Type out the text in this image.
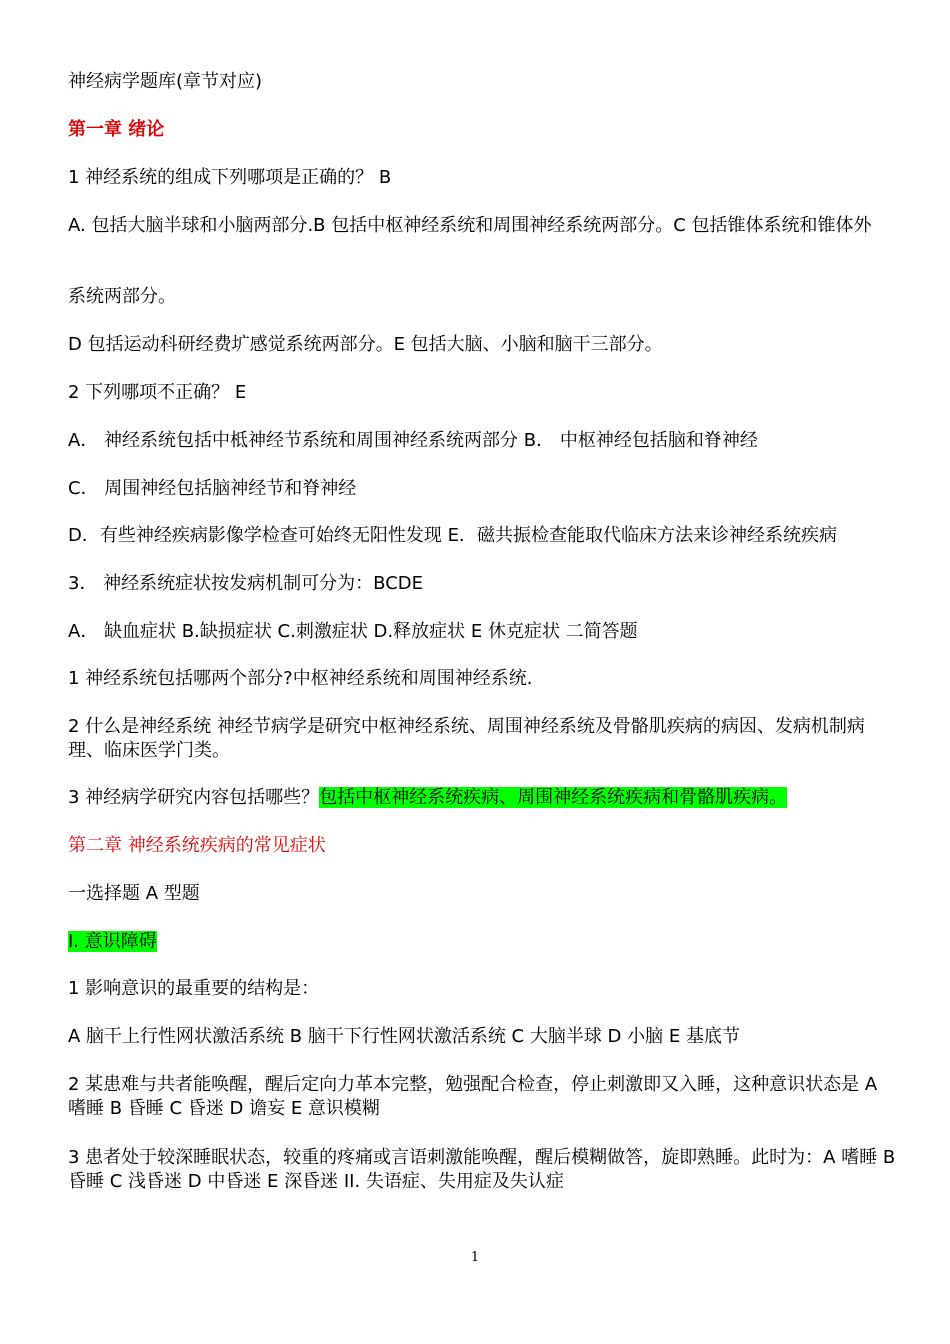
神经病学题库(章节对应)
第一章 绪论
1 神经系统的组成下列哪项是正确的？ B
A. 包括大脑半球和小脑两部分.B 包括中枢神经系统和周围神经系统两部分。C 包括锥体系统和锥体外
系统两部分。
D 包括运动科研经费圹感觉系统两部分。E 包括大脑、小脑和脑干三部分。
2 下列哪项不正确？ E
A． 神经系统包括中柢神经节系统和周围神经系统两部分 B． 中枢神经包括脑和脊神经
C． 周围神经包括脑神经节和脊神经
D．有些神经疾病影像学检查可始终无阳性发现 E．磁共振检查能取代临床方法来诊神经系统疾病
3． 神经系统症状按发病机制可分为：BCDE
A． 缺血症状 B.缺损症状 C.刺激症状 D.释放症状 E 休克症状 二简答题
1 神经系统包括哪两个部分?中枢神经系统和周围神经系统.
2 什么是神经系统 神经节病学是研究中枢神经系统、周围神经系统及骨骼肌疾病的病因、发病机制病理、临床医学门类。
3 神经病学研究内容包括哪些？包括中枢神经系统疾病、周围神经系统疾病和骨骼肌疾病。
第二章 神经系统疾病的常见症状
一选择题 A 型题
I. 意识障碍
1 影响意识的最重要的结构是：
A 脑干上行性网状激活系统 B 脑干下行性网状激活系统 C 大脑半球 D 小脑 E 基底节
2 某患难与共者能唤醒，醒后定向力革本完整，勉强配合检查，停止刺激即又入睡，这种意识状态是 A 嗜睡 B 昏睡 C 昏迷 D 谵妄 E 意识模糊
3 患者处于较深睡眠状态，较重的疼痛或言语刺激能唤醒，醒后模糊做答，旋即熟睡。此时为：A 嗜睡 B 昏睡 C 浅昏迷 D 中昏迷 E 深昏迷 II. 失语症、失用症及失认症
1
